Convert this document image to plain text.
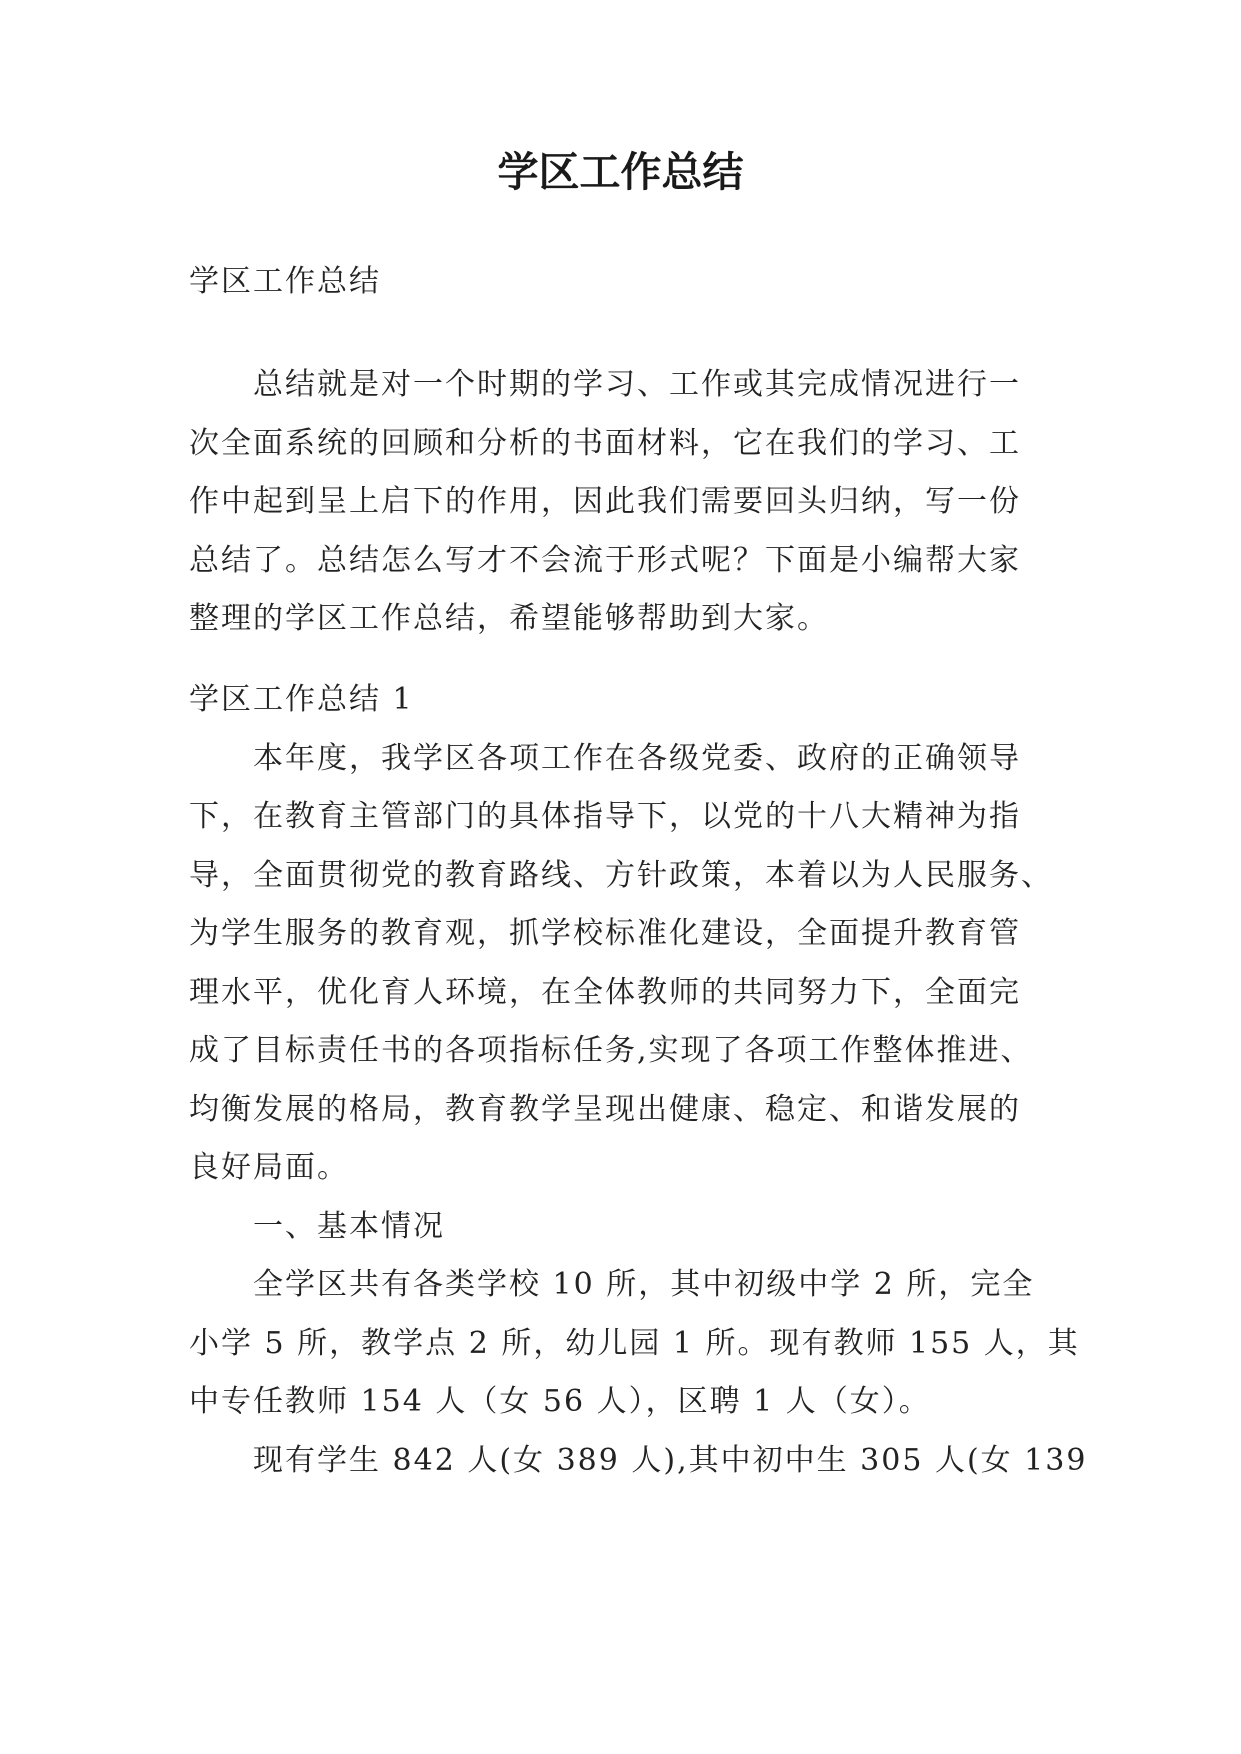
学区工作总结

学区工作总结

总结就是对一个时期的学习、工作或其完成情况进行一
次全面系统的回顾和分析的书面材料，它在我们的学习、工
作中起到呈上启下的作用，因此我们需要回头归纳，写一份
总结了。总结怎么写才不会流于形式呢？下面是小编帮大家
整理的学区工作总结，希望能够帮助到大家。
学区工作总结 1
本年度，我学区各项工作在各级党委、政府的正确领导
下，在教育主管部门的具体指导下，以党的十八大精神为指
导，全面贯彻党的教育路线、方针政策，本着以为人民服务、
为学生服务的教育观，抓学校标准化建设，全面提升教育管
理水平，优化育人环境，在全体教师的共同努力下，全面完
成了目标责任书的各项指标任务,实现了各项工作整体推进、
均衡发展的格局，教育教学呈现出健康、稳定、和谐发展的
良好局面。
一、基本情况
全学区共有各类学校 10 所，其中初级中学 2 所，完全
小学 5 所，教学点 2 所，幼儿园 1 所。现有教师 155 人，其
中专任教师 154 人（女 56 人），区聘 1 人（女）。
现有学生 842 人(女 389 人),其中初中生 305 人(女 139
